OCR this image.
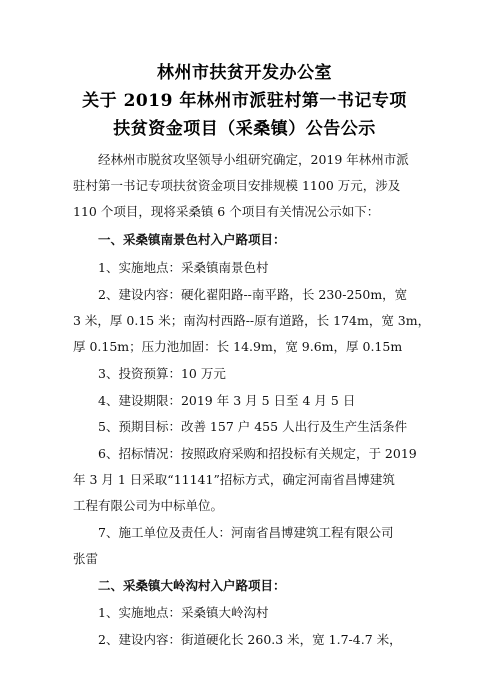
林州市扶贫开发办公室
关于 2019 年林州市派驻村第一书记专项
扶贫资金项目（采桑镇）公告公示
经林州市脱贫攻坚领导小组研究确定，2019 年林州市派
驻村第一书记专项扶贫资金项目安排规模 1100 万元，涉及
110 个项目，现将采桑镇 6 个项目有关情况公示如下：
一、采桑镇南景色村入户路项目：
1、实施地点：采桑镇南景色村
2、建设内容：硬化翟阳路--南平路，长 230-250m，宽
3 米，厚 0.15 米；南沟村西路--原有道路，长 174m，宽 3m，
厚 0.15m；压力池加固：长 14.9m，宽 9.6m，厚 0.15m
3、投资预算：10 万元
4、建设期限：2019 年 3 月 5 日至 4 月 5 日
5、预期目标：改善 157 户 455 人出行及生产生活条件
6、招标情况：按照政府采购和招投标有关规定，于 2019
年 3 月 1 日采取“11141”招标方式，确定河南省昌博建筑
工程有限公司为中标单位。
7、施工单位及责任人：河南省昌博建筑工程有限公司
张雷
二、采桑镇大岭沟村入户路项目：
1、实施地点：采桑镇大岭沟村
2、建设内容：街道硬化长 260.3 米，宽 1.7-4.7 米，
